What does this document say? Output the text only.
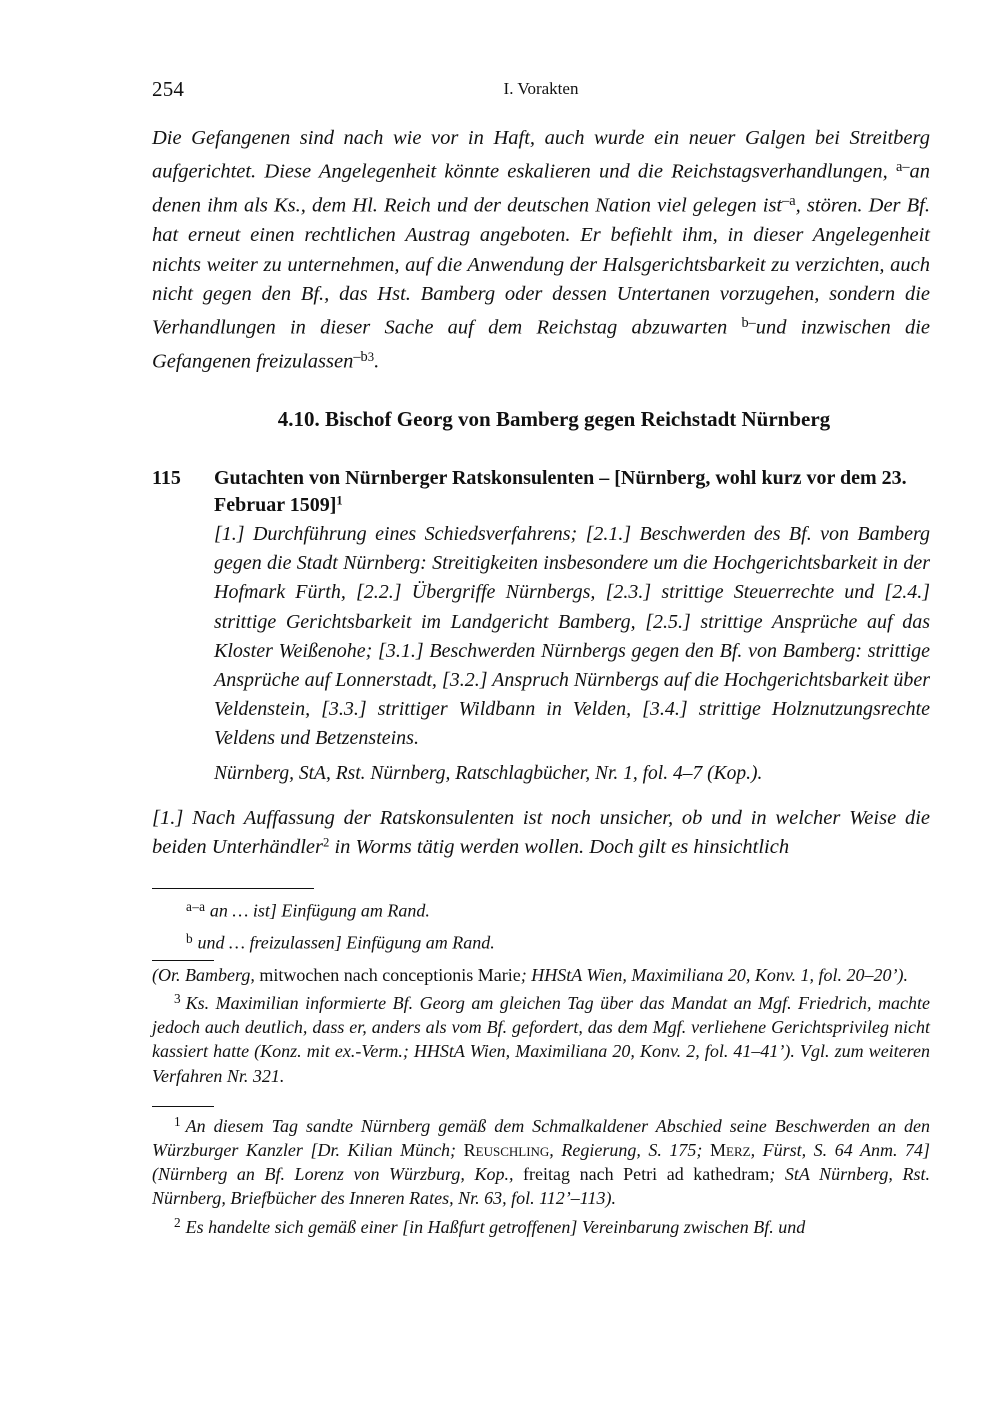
254	I. Vorakten
Die Gefangenen sind nach wie vor in Haft, auch wurde ein neuer Galgen bei Streitberg aufgerichtet. Diese Angelegenheit könnte eskalieren und die Reichstagsverhandlungen, $^{a-}$an denen ihm als Ks., dem Hl. Reich und der deutschen Nation viel gelegen ist$^{-a}$, stören. Der Bf. hat erneut einen rechtlichen Austrag angeboten. Er befiehlt ihm, in dieser Angelegenheit nichts weiter zu unternehmen, auf die Anwendung der Halsgerichtsbarkeit zu verzichten, auch nicht gegen den Bf., das Hst. Bamberg oder dessen Untertanen vorzugehen, sondern die Verhandlungen in dieser Sache auf dem Reichstag abzuwarten $^{b-}$und inzwischen die Gefangenen freizulassen$^{-b3}$.
4.10. Bischof Georg von Bamberg gegen Reichstadt Nürnberg
115	Gutachten von Nürnberger Ratskonsulenten – [Nürnberg, wohl kurz vor dem 23. Februar 1509]$^1$
[1.] Durchführung eines Schiedsverfahrens; [2.1.] Beschwerden des Bf. von Bamberg gegen die Stadt Nürnberg: Streitigkeiten insbesondere um die Hochgerichtsbarkeit in der Hofmark Fürth, [2.2.] Übergriffe Nürnbergs, [2.3.] strittige Steuerrechte und [2.4.] strittige Gerichtsbarkeit im Landgericht Bamberg, [2.5.] strittige Ansprüche auf das Kloster Weißenohe; [3.1.] Beschwerden Nürnbergs gegen den Bf. von Bamberg: strittige Ansprüche auf Lonnerstadt, [3.2.] Anspruch Nürnbergs auf die Hochgerichtsbarkeit über Veldenstein, [3.3.] strittiger Wildbann in Velden, [3.4.] strittige Holznutzungsrechte Veldens und Betzensteins.
Nürnberg, StA, Rst. Nürnberg, Ratschlagbücher, Nr. 1, fol. 4–7 (Kop.).
[1.] Nach Auffassung der Ratskonsulenten ist noch unsicher, ob und in welcher Weise die beiden Unterhändler$^2$ in Worms tätig werden wollen. Doch gilt es hinsichtlich
$^{a-a}$ an … ist] Einfügung am Rand.
$^b$ und … freizulassen] Einfügung am Rand.
(Or. Bamberg, mitwochen nach conceptionis Marie; HHStA Wien, Maximiliana 20, Konv. 1, fol. 20–20’).
$^3$ Ks. Maximilian informierte Bf. Georg am gleichen Tag über das Mandat an Mgf. Friedrich, machte jedoch auch deutlich, dass er, anders als vom Bf. gefordert, das dem Mgf. verliehene Gerichtsprivileg nicht kassiert hatte (Konz. mit ex.-Verm.; HHStA Wien, Maximiliana 20, Konv. 2, fol. 41–41’). Vgl. zum weiteren Verfahren Nr. 321.
$^1$ An diesem Tag sandte Nürnberg gemäß dem Schmalkaldener Abschied seine Beschwerden an den Würzburger Kanzler [Dr. Kilian Münch; Reuschling, Regierung, S. 175; Merz, Fürst, S. 64 Anm. 74] (Nürnberg an Bf. Lorenz von Würzburg, Kop., freitag nach Petri ad kathedram; StA Nürnberg, Rst. Nürnberg, Briefbücher des Inneren Rates, Nr. 63, fol. 112’–113).
$^2$ Es handelte sich gemäß einer [in Haßfurt getroffenen] Vereinbarung zwischen Bf. und
